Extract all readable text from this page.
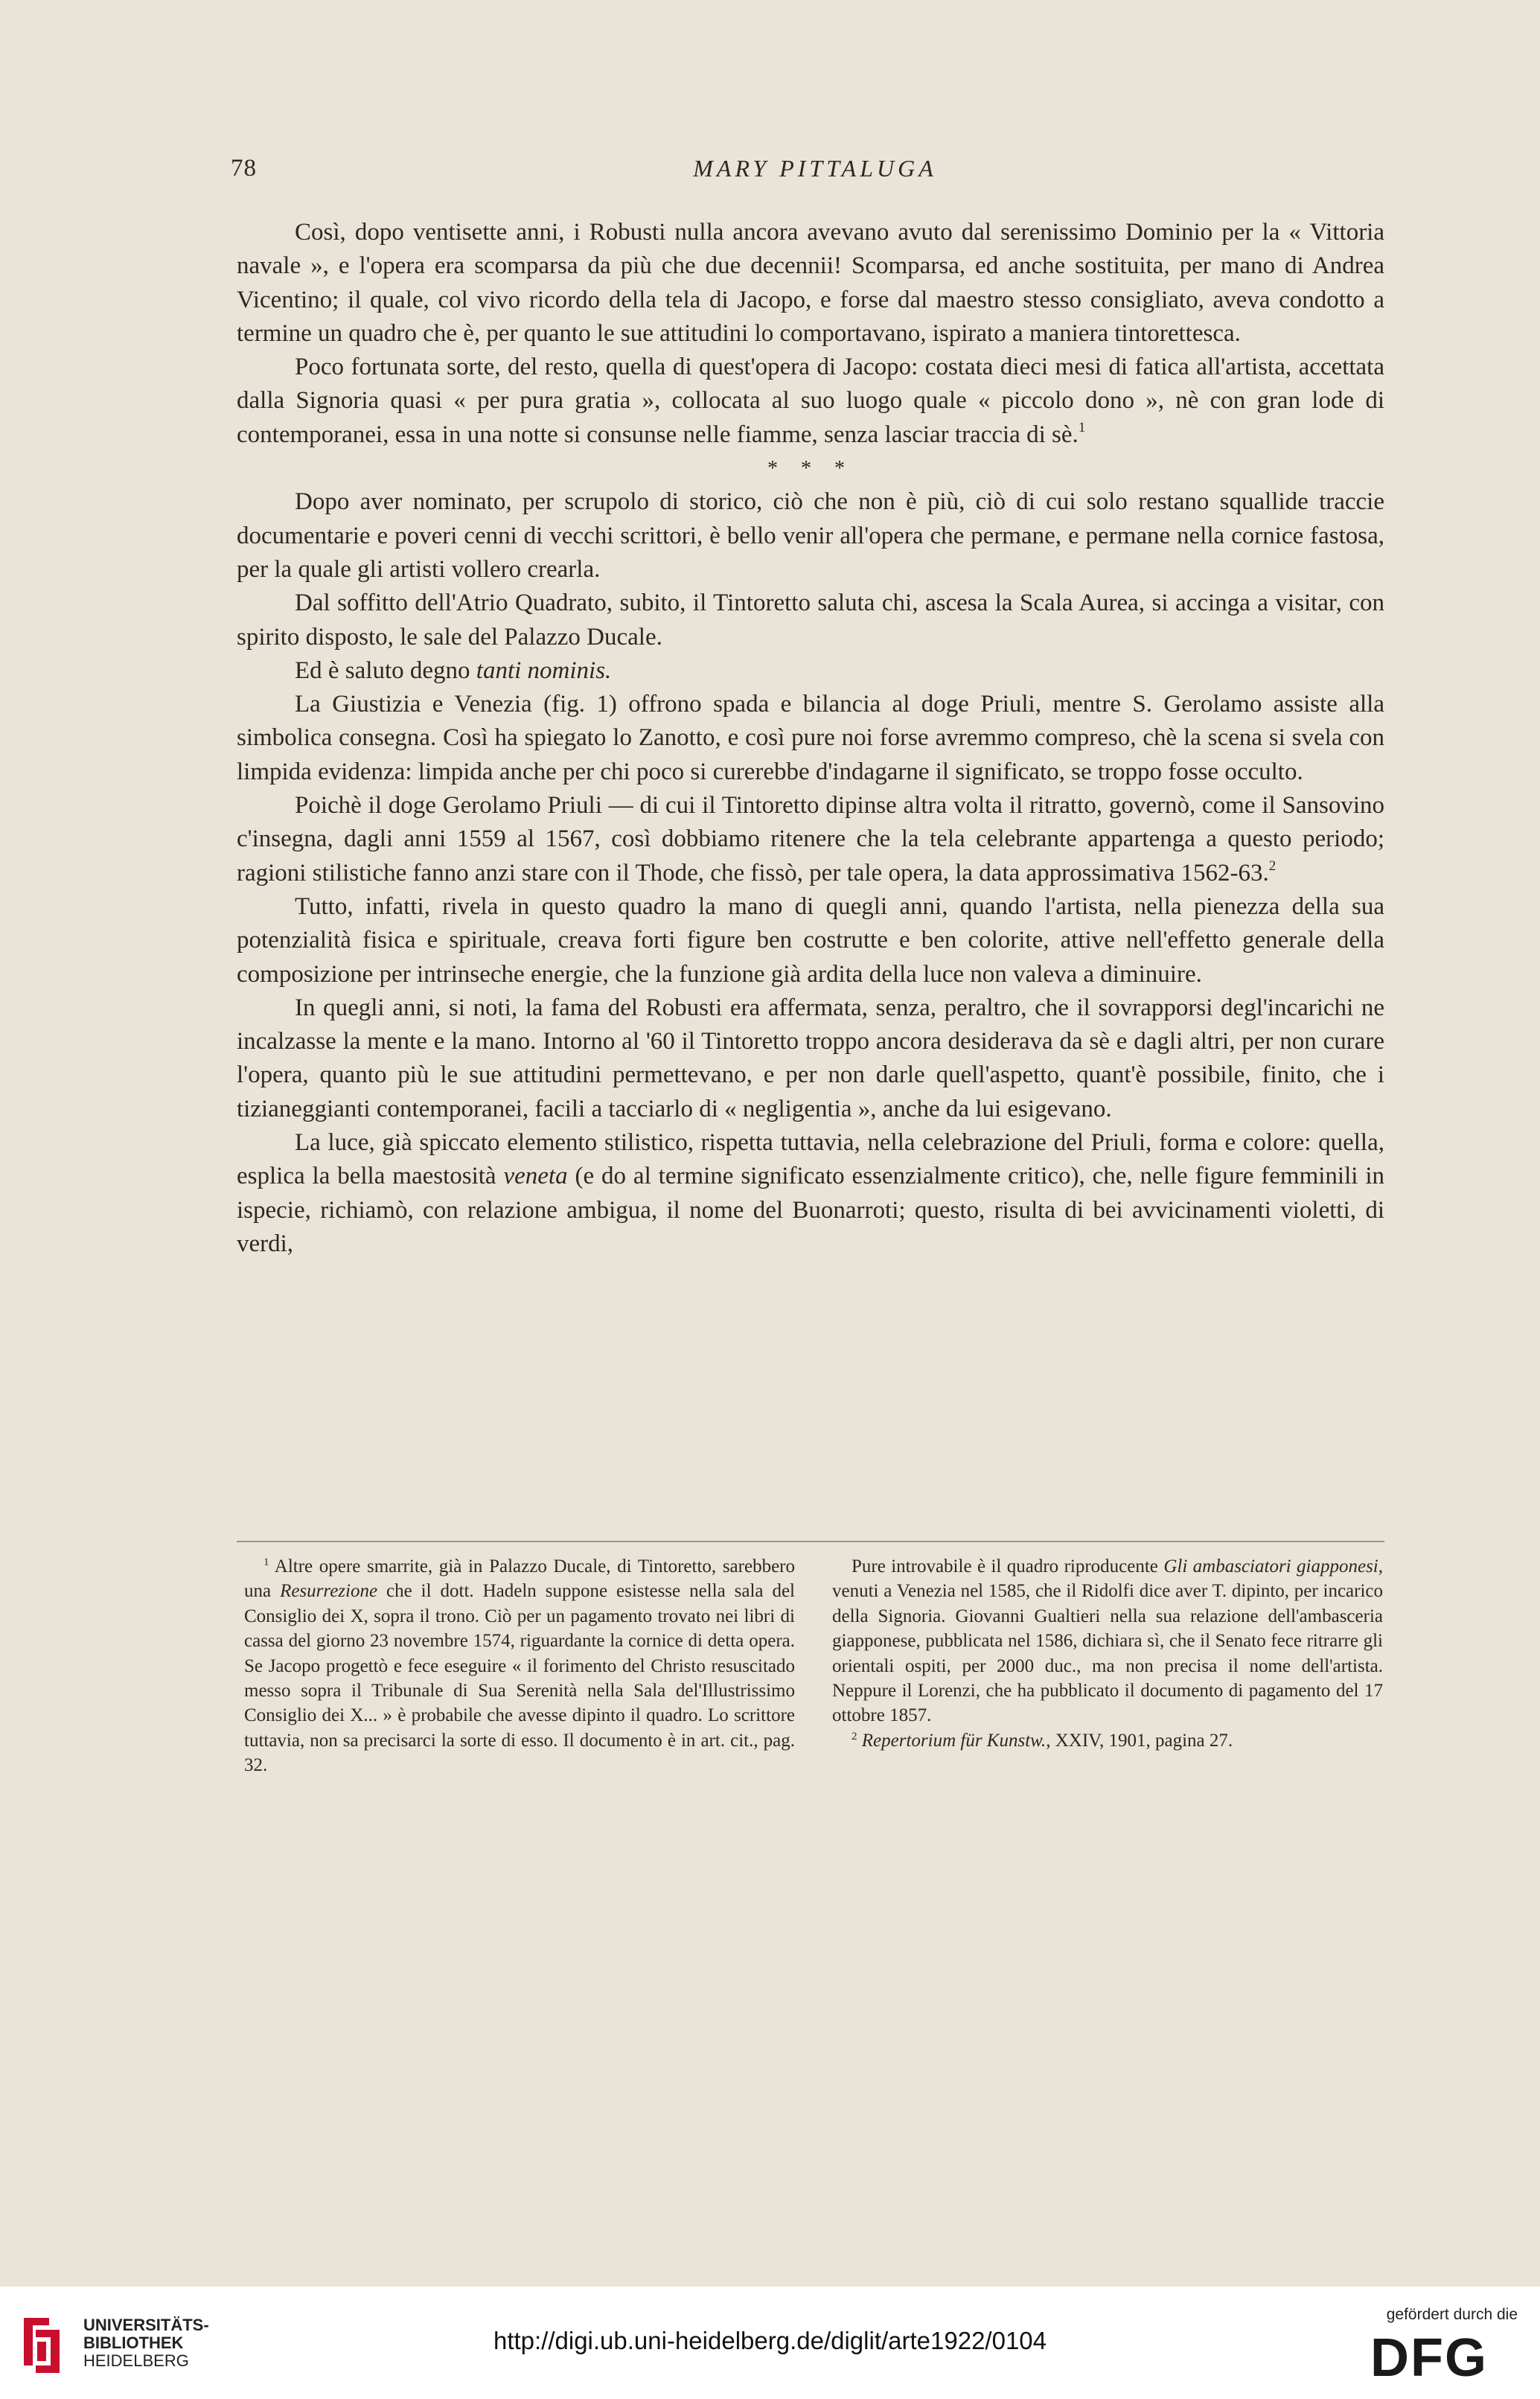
78	MARY PITTALUGA

Così, dopo ventisette anni, i Robusti nulla ancora avevano avuto dal serenissimo Dominio per la « Vittoria navale », e l'opera era scomparsa da più che due decennii! Scomparsa, ed anche sostituita, per mano di Andrea Vicentino; il quale, col vivo ricordo della tela di Jacopo, e forse dal maestro stesso consigliato, aveva condotto a termine un quadro che è, per quanto le sue attitudini lo comportavano, ispirato a maniera tintorettesca.

Poco fortunata sorte, del resto, quella di quest'opera di Jacopo: costata dieci mesi di fatica all'artista, accettata dalla Signoria quasi « per pura gratia », collocata al suo luogo quale « piccolo dono », nè con gran lode di contemporanei, essa in una notte si consunse nelle fiamme, senza lasciar traccia di sè.$^1$

* * *

Dopo aver nominato, per scrupolo di storico, ciò che non è più, ciò di cui solo restano squallide traccie documentarie e poveri cenni di vecchi scrittori, è bello venir all'opera che permane, e permane nella cornice fastosa, per la quale gli artisti vollero crearla.

Dal soffitto dell'Atrio Quadrato, subito, il Tintoretto saluta chi, ascesa la Scala Aurea, si accinga a visitar, con spirito disposto, le sale del Palazzo Ducale.

Ed è saluto degno tanti nominis.

La Giustizia e Venezia (fig. 1) offrono spada e bilancia al doge Priuli, mentre S. Gerolamo assiste alla simbolica consegna. Così ha spiegato lo Zanotto, e così pure noi forse avremmo compreso, chè la scena si svela con limpida evidenza: limpida anche per chi poco si curerebbe d'indagarne il significato, se troppo fosse occulto.

Poichè il doge Gerolamo Priuli — di cui il Tintoretto dipinse altra volta il ritratto, governò, come il Sansovino c'insegna, dagli anni 1559 al 1567, così dobbiamo ritenere che la tela celebrante appartenga a questo periodo; ragioni stilistiche fanno anzi stare con il Thode, che fissò, per tale opera, la data approssimativa 1562-63.$^2$

Tutto, infatti, rivela in questo quadro la mano di quegli anni, quando l'artista, nella pienezza della sua potenzialità fisica e spirituale, creava forti figure ben costrutte e ben colorite, attive nell'effetto generale della composizione per intrinseche energie, che la funzione già ardita della luce non valeva a diminuire.

In quegli anni, si noti, la fama del Robusti era affermata, senza, peraltro, che il sovrapporsi degl'incarichi ne incalzasse la mente e la mano. Intorno al '60 il Tintoretto troppo ancora desiderava da sè e dagli altri, per non curare l'opera, quanto più le sue attitudini permettevano, e per non darle quell'aspetto, quant'è possibile, finito, che i tizianeggianti contemporanei, facili a tacciarlo di « negligentia », anche da lui esigevano.

La luce, già spiccato elemento stilistico, rispetta tuttavia, nella celebrazione del Priuli, forma e colore: quella, esplica la bella maestosità veneta (e do al termine significato essenzialmente critico), che, nelle figure femminili in ispecie, richiamò, con relazione ambigua, il nome del Buonarroti; questo, risulta di bei avvicinamenti violetti, di verdi,

$^1$ Altre opere smarrite, già in Palazzo Ducale, di Tintoretto, sarebbero una Resurrezione che il dott. Hadeln suppone esistesse nella sala del Consiglio dei X, sopra il trono. Ciò per un pagamento trovato nei libri di cassa del giorno 23 novembre 1574, riguardante la cornice di detta opera. Se Jacopo progettò e fece eseguire « il forimento del Christo resuscitado messo sopra il Tribunale di Sua Serenità nella Sala del'Illustrissimo Consiglio dei X... » è probabile che avesse dipinto il quadro. Lo scrittore tuttavia, non sa precisarci la sorte di esso. Il documento è in art. cit., pag. 32.

Pure introvabile è il quadro riproducente Gli ambasciatori giapponesi, venuti a Venezia nel 1585, che il Ridolfi dice aver T. dipinto, per incarico della Signoria. Giovanni Gualtieri nella sua relazione dell'ambasceria giapponese, pubblicata nel 1586, dichiara sì, che il Senato fece ritrarre gli orientali ospiti, per 2000 duc., ma non precisa il nome dell'artista. Neppure il Lorenzi, che ha pubblicato il documento di pagamento del 17 ottobre 1857.

$^2$ Repertorium für Kunstw., XXIV, 1901, pagina 27.

UNIVERSITÄTS-
BIBLIOTHEK
HEIDELBERG
http://digi.ub.uni-heidelberg.de/diglit/arte1922/0104
gefördert durch die
DFG
